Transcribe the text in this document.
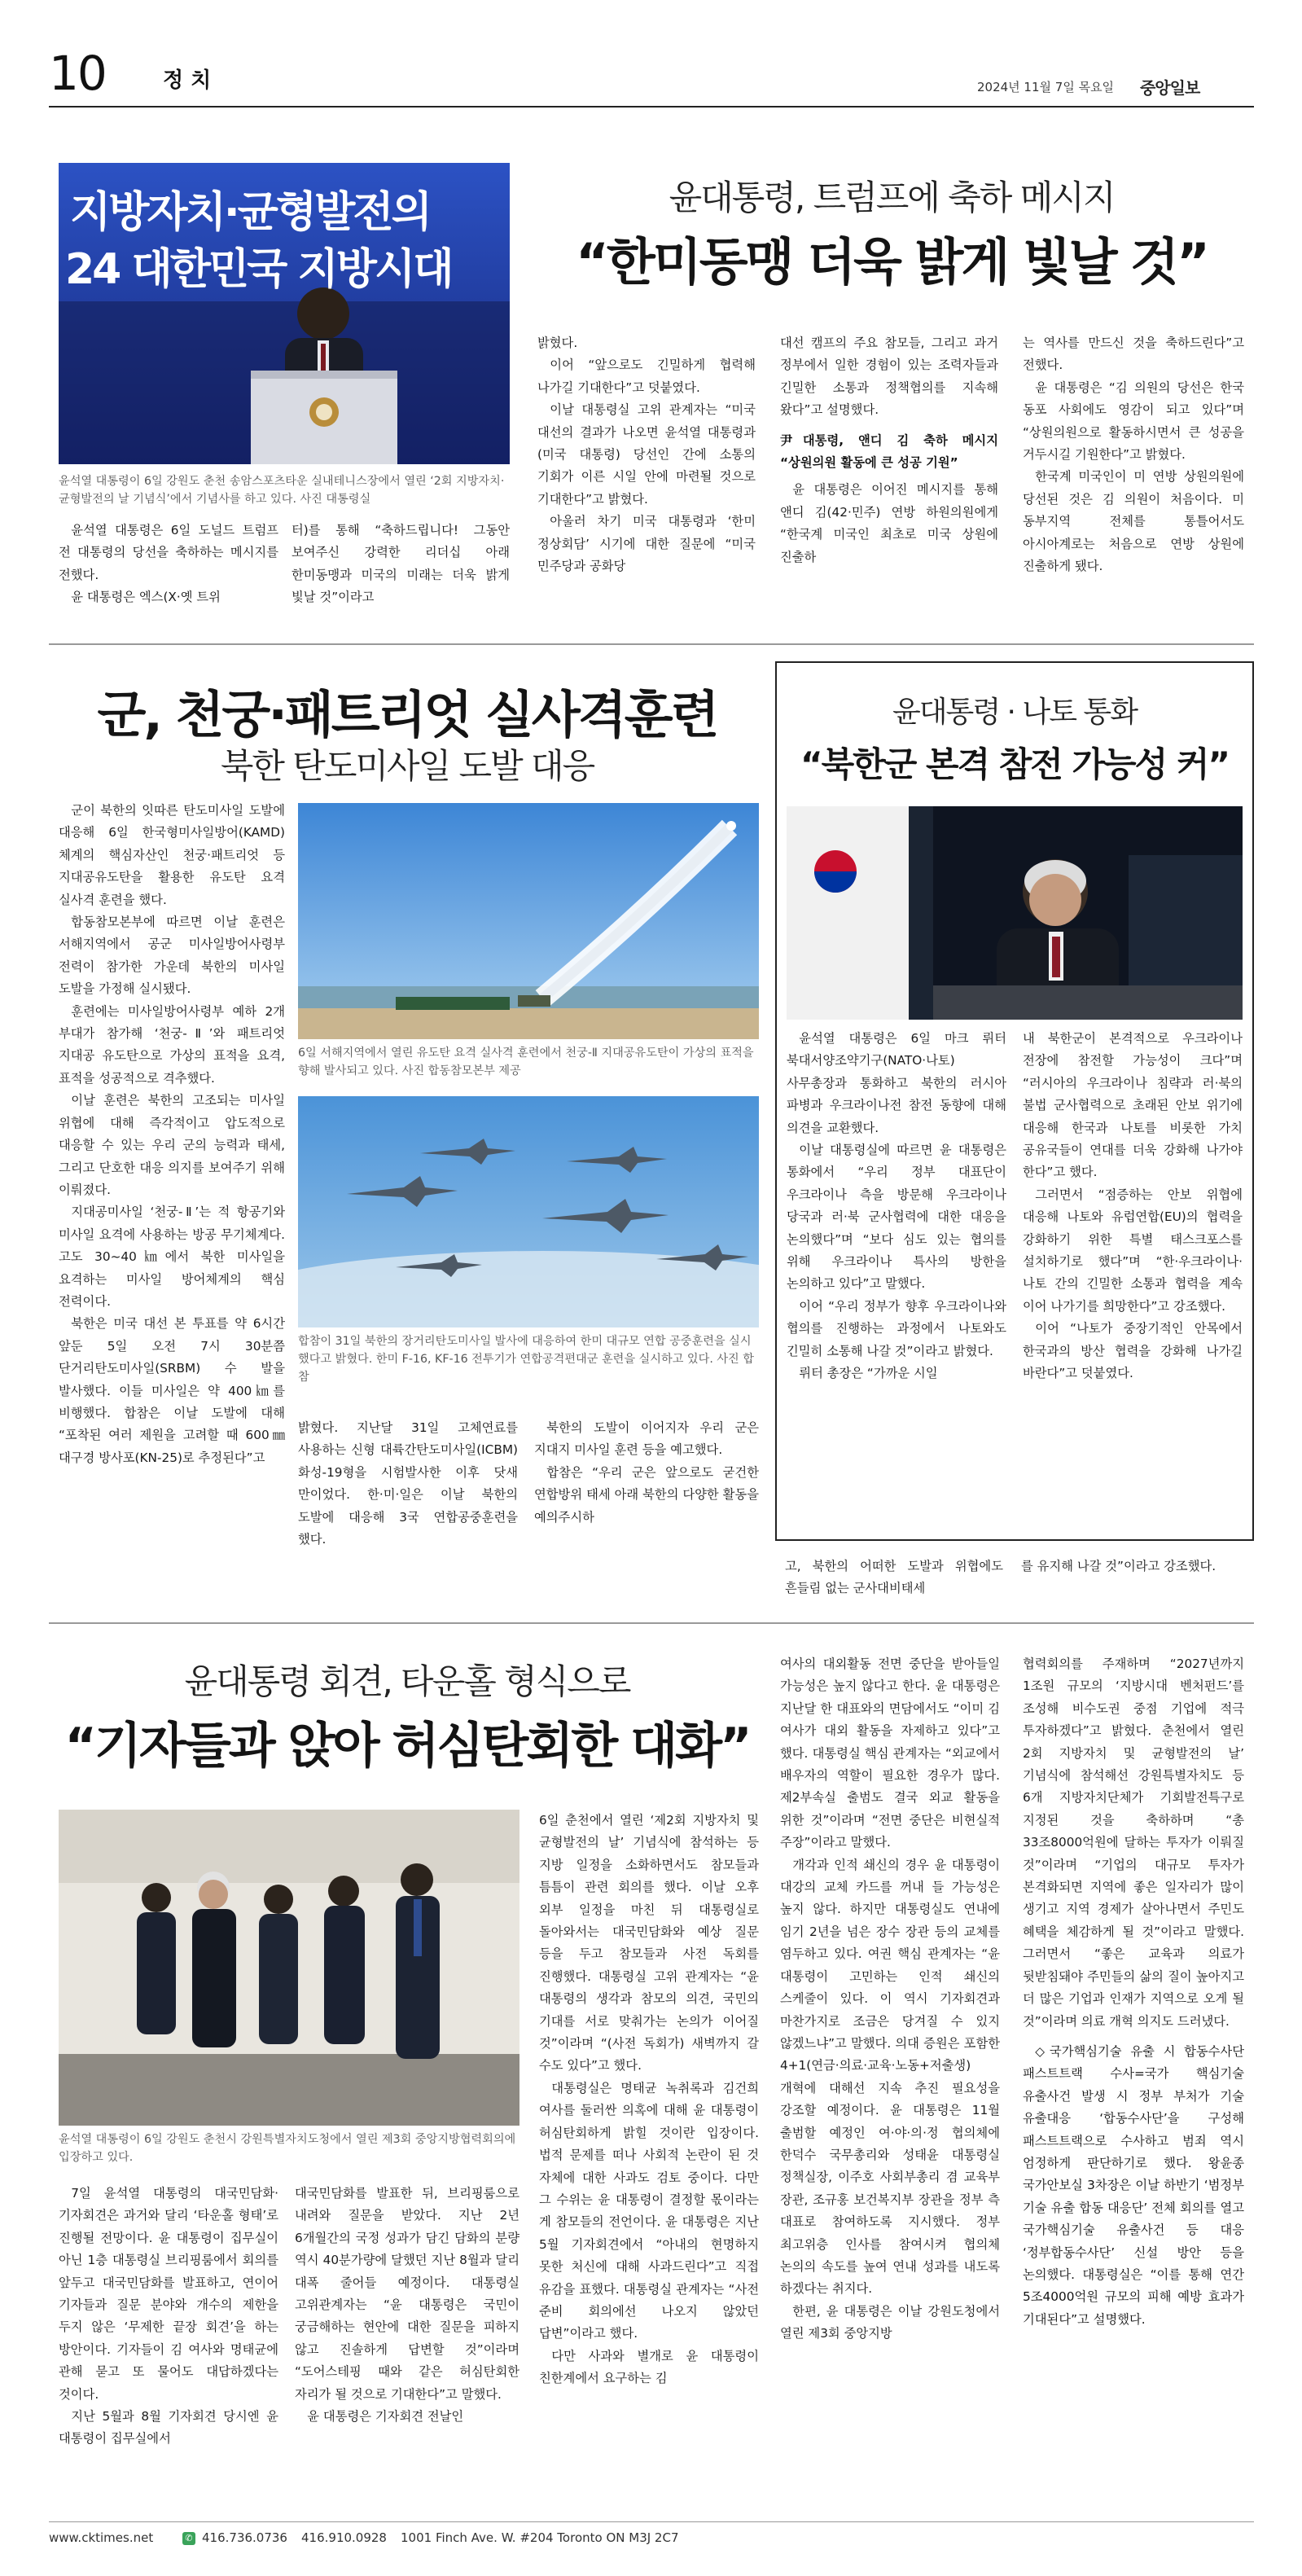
10	정 치	2024년 11월 7일 목요일 중앙일보
지방자치·균형발전의
24 대한민국 지방시대
윤석열 대통령이 6일 강원도 춘천 송암스포츠타운 실내테니스장에서 열린 ‘2회 지방자치·균형발전의 날 기념식’에서 기념사를 하고 있다. 사진 대통령실
윤대통령, 트럼프에 축하 메시지
“한미동맹 더욱 밝게 빛날 것”

윤석열 대통령은 6일 도널드 트럼프 전 대통령의 당선을 축하하는 메시지를 전했다.

윤 대통령은 엑스(X·옛 트위

터)를 통해 “축하드립니다! 그동안 보여주신 강력한 리더십 아래 한미동맹과 미국의 미래는 더욱 밝게 빛날 것”이라고

밝혔다.

이어 “앞으로도 긴밀하게 협력해 나가길 기대한다”고 덧붙였다.

이날 대통령실 고위 관계자는 “미국 대선의 결과가 나오면 윤석열 대통령과 (미국 대통령) 당선인 간에 소통의 기회가 이른 시일 안에 마련될 것으로 기대한다”고 밝혔다.

아울러 차기 미국 대통령과 ‘한미 정상회담’ 시기에 대한 질문에 “미국 민주당과 공화당

대선 캠프의 주요 참모들, 그리고 과거 정부에서 일한 경험이 있는 조력자들과 긴밀한 소통과 정책협의를 지속해 왔다”고 설명했다.

尹대통령, 앤디 김 축하 메시지 “상원의원 활동에 큰 성공 기원”

윤 대통령은 이어진 메시지를 통해 앤디 김(42·민주) 연방 하원의원에게 “한국계 미국인 최초로 미국 상원에 진출하

는 역사를 만드신 것을 축하드린다”고 전했다.

윤 대통령은 “김 의원의 당선은 한국 동포 사회에도 영감이 되고 있다”며 “상원의원으로 활동하시면서 큰 성공을 거두시길 기원한다”고 밝혔다.

한국계 미국인이 미 연방 상원의원에 당선된 것은 김 의원이 처음이다. 미 동부지역 전체를 통틀어서도 아시아계로는 처음으로 연방 상원에 진출하게 됐다.

군, 천궁·패트리엇 실사격훈련
북한 탄도미사일 도발 대응

군이 북한의 잇따른 탄도미사일 도발에 대응해 6일 한국형미사일방어(KAMD) 체계의 핵심자산인 천궁·패트리엇 등 지대공유도탄을 활용한 유도탄 요격 실사격 훈련을 했다.

합동참모본부에 따르면 이날 훈련은 서해지역에서 공군 미사일방어사령부 전력이 참가한 가운데 북한의 미사일 도발을 가정해 실시됐다.

훈련에는 미사일방어사령부 예하 2개 부대가 참가해 ‘천궁-Ⅱ’와 패트리엇 지대공 유도탄으로 가상의 표적을 요격, 표적을 성공적으로 격추했다.

이날 훈련은 북한의 고조되는 미사일 위협에 대해 즉각적이고 압도적으로 대응할 수 있는 우리 군의 능력과 태세, 그리고 단호한 대응 의지를 보여주기 위해 이뤄졌다.

지대공미사일 ‘천궁-Ⅱ’는 적 항공기와 미사일 요격에 사용하는 방공 무기체계다. 고도 30~40㎞에서 북한 미사일을 요격하는 미사일 방어체계의 핵심 전력이다.

북한은 미국 대선 본 투표를 약 6시간 앞둔 5일 오전 7시 30분쯤 단거리탄도미사일(SRBM) 수 발을 발사했다. 이들 미사일은 약 400㎞를 비행했다. 합참은 이날 도발에 대해 “포착된 여러 제원을 고려할 때 600㎜ 대구경 방사포(KN-25)로 추정된다”고

6일 서해지역에서 열린 유도탄 요격 실사격 훈련에서 천궁-Ⅱ 지대공유도탄이 가상의 표적을 향해 발사되고 있다. 사진 합동참모본부 제공
합참이 31일 북한의 장거리탄도미사일 발사에 대응하여 한미 대규모 연합 공중훈련을 실시했다고 밝혔다. 한미 F-16, KF-16 전투기가 연합공격편대군 훈련을 실시하고 있다. 사진 합참

밝혔다. 지난달 31일 고체연료를 사용하는 신형 대륙간탄도미사일(ICBM) 화성-19형을 시험발사한 이후 닷새 만이었다. 한·미·일은 이날 북한의 도발에 대응해 3국 연합공중훈련을 했다.

북한의 도발이 이어지자 우리 군은 지대지 미사일 훈련 등을 예고했다.

합참은 “우리 군은 앞으로도 굳건한 연합방위 태세 아래 북한의 다양한 활동을 예의주시하

윤대통령 · 나토 통화
“북한군 본격 참전 가능성 커”

윤석열 대통령은 6일 마크 뤼터 북대서양조약기구(NATO·나토) 사무총장과 통화하고 북한의 러시아 파병과 우크라이나전 참전 동향에 대해 의견을 교환했다.

이날 대통령실에 따르면 윤 대통령은 통화에서 “우리 정부 대표단이 우크라이나 측을 방문해 우크라이나 당국과 러·북 군사협력에 대한 대응을 논의했다”며 “보다 심도 있는 협의를 위해 우크라이나 특사의 방한을 논의하고 있다”고 말했다.

이어 “우리 정부가 향후 우크라이나와 협의를 진행하는 과정에서 나토와도 긴밀히 소통해 나갈 것”이라고 밝혔다.

뤼터 총장은 “가까운 시일

내 북한군이 본격적으로 우크라이나 전장에 참전할 가능성이 크다”며 “러시아의 우크라이나 침략과 러·북의 불법 군사협력으로 초래된 안보 위기에 대응해 한국과 나토를 비롯한 가치 공유국들이 연대를 더욱 강화해 나가야 한다”고 했다.

그러면서 “점증하는 안보 위협에 대응해 나토와 유럽연합(EU)의 협력을 강화하기 위한 특별 태스크포스를 설치하기로 했다”며 “한·우크라이나·나토 간의 긴밀한 소통과 협력을 계속 이어 나가기를 희망한다”고 강조했다.

이어 “나토가 중장기적인 안목에서 한국과의 방산 협력을 강화해 나가길 바란다”고 덧붙였다.

고, 북한의 어떠한 도발과 위협에도 흔들림 없는 군사대비태세

를 유지해 나갈 것”이라고 강조했다.

윤대통령 회견, 타운홀 형식으로
“기자들과 앉아 허심탄회한 대화”
윤석열 대통령이 6일 강원도 춘천시 강원특별자치도청에서 열린 제3회 중앙지방협력회의에 입장하고 있다.

7일 윤석열 대통령의 대국민담화·기자회견은 과거와 달리 ‘타운홀 형태’로 진행될 전망이다. 윤 대통령이 집무실이 아닌 1층 대통령실 브리핑룸에서 회의를 앞두고 대국민담화를 발표하고, 연이어 기자들과 질문 분야와 개수의 제한을 두지 않은 ‘무제한 끝장 회견’을 하는 방안이다. 기자들이 김 여사와 명태균에 관해 묻고 또 물어도 대답하겠다는 것이다.

지난 5월과 8월 기자회견 당시엔 윤 대통령이 집무실에서

대국민담화를 발표한 뒤, 브리핑룸으로 내려와 질문을 받았다. 지난 2년 6개월간의 국정 성과가 담긴 담화의 분량 역시 40분가량에 달했던 지난 8월과 달리 대폭 줄어들 예정이다. 대통령실 고위관계자는 “윤 대통령은 국민이 궁금해하는 현안에 대한 질문을 피하지 않고 진솔하게 답변할 것”이라며 “도어스테핑 때와 같은 허심탄회한 자리가 될 것으로 기대한다”고 말했다.

윤 대통령은 기자회견 전날인

6일 춘천에서 열린 ‘제2회 지방자치 및 균형발전의 날’ 기념식에 참석하는 등 지방 일정을 소화하면서도 참모들과 틈틈이 관련 회의를 했다. 이날 오후 외부 일정을 마친 뒤 대통령실로 돌아와서는 대국민담화와 예상 질문 등을 두고 참모들과 사전 독회를 진행했다. 대통령실 고위 관계자는 “윤 대통령의 생각과 참모의 의견, 국민의 기대를 서로 맞춰가는 논의가 이어질 것”이라며 “(사전 독회가) 새벽까지 갈 수도 있다”고 했다.

대통령실은 명태균 녹취록과 김건희 여사를 둘러싼 의혹에 대해 윤 대통령이 허심탄회하게 밝힐 것이란 입장이다. 법적 문제를 떠나 사회적 논란이 된 것 자체에 대한 사과도 검토 중이다. 다만 그 수위는 윤 대통령이 결정할 몫이라는 게 참모들의 전언이다. 윤 대통령은 지난 5월 기자회견에서 “아내의 현명하지 못한 처신에 대해 사과드린다”고 직접 유감을 표했다. 대통령실 관계자는 “사전 준비 회의에선 나오지 않았던 답변”이라고 했다.

다만 사과와 별개로 윤 대통령이 친한계에서 요구하는 김

여사의 대외활동 전면 중단을 받아들일 가능성은 높지 않다고 한다. 윤 대통령은 지난달 한 대표와의 면담에서도 “이미 김 여사가 대외 활동을 자제하고 있다”고 했다. 대통령실 핵심 관계자는 “외교에서 배우자의 역할이 필요한 경우가 많다. 제2부속실 출범도 결국 외교 활동을 위한 것”이라며 “전면 중단은 비현실적 주장”이라고 말했다.

개각과 인적 쇄신의 경우 윤 대통령이 대강의 교체 카드를 꺼내 들 가능성은 높지 않다. 하지만 대통령실도 연내에 임기 2년을 넘은 장수 장관 등의 교체를 염두하고 있다. 여권 핵심 관계자는 “윤 대통령이 고민하는 인적 쇄신의 스케줄이 있다. 이 역시 기자회견과 마찬가지로 조금은 당겨질 수 있지 않겠느냐”고 말했다. 의대 증원은 포함한 4+1(연금·의료·교육·노동+저출생) 개혁에 대해선 지속 추진 필요성을 강조할 예정이다. 윤 대통령은 11월 출범할 예정인 여·야·의·정 협의체에 한덕수 국무총리와 성태윤 대통령실 정책실장, 이주호 사회부총리 겸 교육부 장관, 조규홍 보건복지부 장관을 정부 측 대표로 참여하도록 지시했다. 정부 최고위층 인사를 참여시켜 협의체 논의의 속도를 높여 연내 성과를 내도록 하겠다는 취지다.

한편, 윤 대통령은 이날 강원도청에서 열린 제3회 중앙지방

협력회의를 주재하며 “2027년까지 1조원 규모의 ‘지방시대 벤처펀드’를 조성해 비수도권 중점 기업에 적극 투자하겠다”고 밝혔다. 춘천에서 열린 2회 지방자치 및 균형발전의 날’ 기념식에 참석해선 강원특별자치도 등 6개 지방자치단체가 기회발전특구로 지정된 것을 축하하며 “총 33조8000억원에 달하는 투자가 이뤄질 것”이라며 “기업의 대규모 투자가 본격화되면 지역에 좋은 일자리가 많이 생기고 지역 경제가 살아나면서 주민도 혜택을 체감하게 될 것”이라고 말했다. 그러면서 “좋은 교육과 의료가 뒷받침돼야 주민들의 삶의 질이 높아지고 더 많은 기업과 인재가 지역으로 오게 될 것”이라며 의료 개혁 의지도 드러냈다.

◇국가핵심기술 유출 시 합동수사단 패스트트랙 수사=국가 핵심기술 유출사건 발생 시 정부 부처가 기술 유출대응 ‘합동수사단’을 구성해 패스트트랙으로 수사하고 범죄 역시 엄정하게 판단하기로 했다. 왕윤종 국가안보실 3차장은 이날 하반기 ‘범정부 기술 유출 합동 대응단’ 전체 회의를 열고 국가핵심기술 유출사건 등 대응 ‘정부합동수사단’ 신설 방안 등을 논의했다. 대통령실은 “이를 통해 연간 5조4000억원 규모의 피해 예방 효과가 기대된다”고 설명했다.

www.cktimes.net	✆ 416.736.0736 416.910.0928 1001 Finch Ave. W. #204 Toronto ON M3J 2C7
